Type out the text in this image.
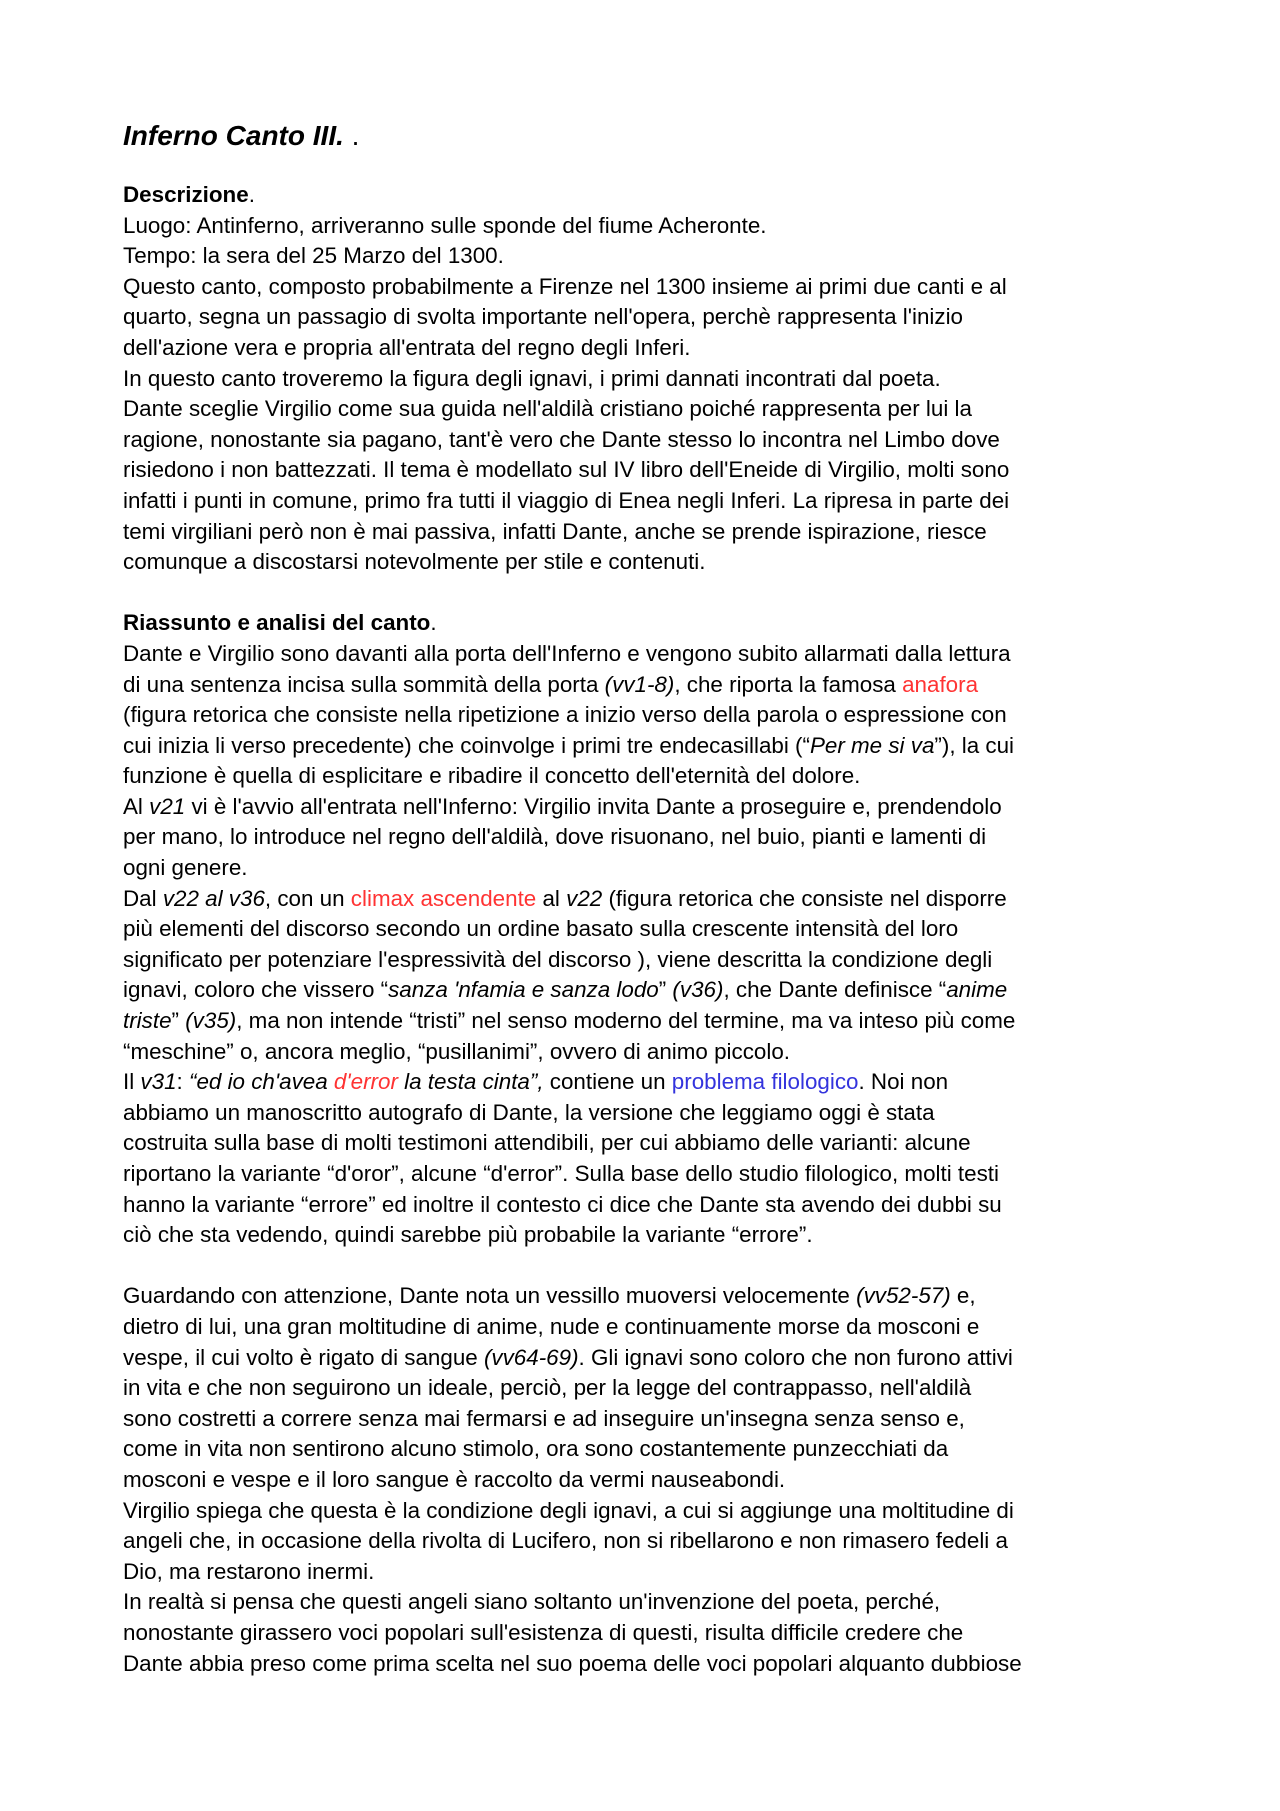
Inferno Canto III. .

Descrizione.

Luogo: Antinferno, arriveranno sulle sponde del fiume Acheronte.

Tempo: la sera del 25 Marzo del 1300.

Questo canto, composto probabilmente a Firenze nel 1300 insieme ai primi due canti e al

quarto, segna un passagio di svolta importante nell'opera, perchè rappresenta l'inizio

dell'azione vera e propria all'entrata del regno degli Inferi.

In questo canto troveremo la figura degli ignavi, i primi dannati incontrati dal poeta.

Dante sceglie Virgilio come sua guida nell'aldilà cristiano poiché rappresenta per lui la

ragione, nonostante sia pagano, tant'è vero che Dante stesso lo incontra nel Limbo dove

risiedono i non battezzati. Il tema è modellato sul IV libro dell'Eneide di Virgilio, molti sono

infatti i punti in comune, primo fra tutti il viaggio di Enea negli Inferi. La ripresa in parte dei

temi virgiliani però non è mai passiva, infatti Dante, anche se prende ispirazione, riesce

comunque a discostarsi notevolmente per stile e contenuti.

Riassunto e analisi del canto.

Dante e Virgilio sono davanti alla porta dell'Inferno e vengono subito allarmati dalla lettura

di una sentenza incisa sulla sommità della porta (vv1-8), che riporta la famosa anafora

(figura retorica che consiste nella ripetizione a inizio verso della parola o espressione con

cui inizia li verso precedente) che coinvolge i primi tre endecasillabi (“Per me si va”), la cui

funzione è quella di esplicitare e ribadire il concetto dell'eternità del dolore.

Al v21 vi è l'avvio all'entrata nell'Inferno: Virgilio invita Dante a proseguire e, prendendolo

per mano, lo introduce nel regno dell'aldilà, dove risuonano, nel buio, pianti e lamenti di

ogni genere.

Dal v22 al v36, con un climax ascendente al v22 (figura retorica che consiste nel disporre

più elementi del discorso secondo un ordine basato sulla crescente intensità del loro

significato per potenziare l'espressività del discorso ), viene descritta la condizione degli

ignavi, coloro che vissero “sanza 'nfamia e sanza lodo” (v36), che Dante definisce “anime

triste” (v35), ma non intende “tristi” nel senso moderno del termine, ma va inteso più come

“meschine” o, ancora meglio, “pusillanimi”, ovvero di animo piccolo.

Il v31: “ed io ch'avea d'error la testa cinta”, contiene un problema filologico. Noi non

abbiamo un manoscritto autografo di Dante, la versione che leggiamo oggi è stata

costruita sulla base di molti testimoni attendibili, per cui abbiamo delle varianti: alcune

riportano la variante “d'oror”, alcune “d'error”. Sulla base dello studio filologico, molti testi

hanno la variante “errore” ed inoltre il contesto ci dice che Dante sta avendo dei dubbi su

ciò che sta vedendo, quindi sarebbe più probabile la variante “errore”.

Guardando con attenzione, Dante nota un vessillo muoversi velocemente (vv52-57) e,

dietro di lui, una gran moltitudine di anime, nude e continuamente morse da mosconi e

vespe, il cui volto è rigato di sangue (vv64-69). Gli ignavi sono coloro che non furono attivi

in vita e che non seguirono un ideale, perciò, per la legge del contrappasso, nell'aldilà

sono costretti a correre senza mai fermarsi e ad inseguire un'insegna senza senso e,

come in vita non sentirono alcuno stimolo, ora sono costantemente punzecchiati da

mosconi e vespe e il loro sangue è raccolto da vermi nauseabondi.

Virgilio spiega che questa è la condizione degli ignavi, a cui si aggiunge una moltitudine di

angeli che, in occasione della rivolta di Lucifero, non si ribellarono e non rimasero fedeli a

Dio, ma restarono inermi.

In realtà si pensa che questi angeli siano soltanto un'invenzione del poeta, perché,

nonostante girassero voci popolari sull'esistenza di questi, risulta difficile credere che

Dante abbia preso come prima scelta nel suo poema delle voci popolari alquanto dubbiose
